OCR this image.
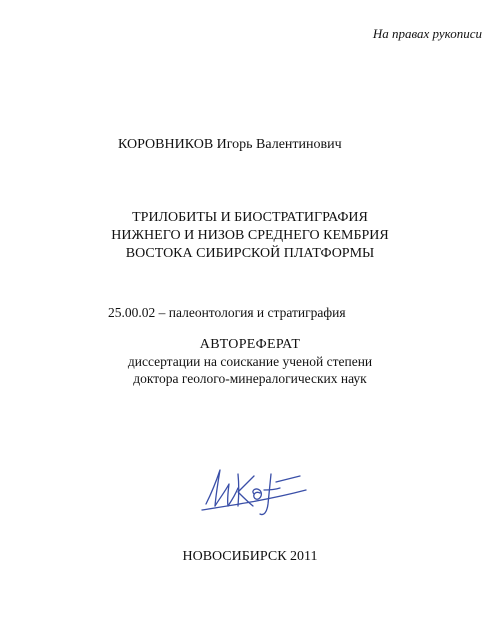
На правах рукописи
КОРОВНИКОВ Игорь Валентинович
ТРИЛОБИТЫ И БИОСТРАТИГРАФИЯ
НИЖНЕГО И НИЗОВ СРЕДНЕГО КЕМБРИЯ
ВОСТОКА СИБИРСКОЙ ПЛАТФОРМЫ
25.00.02 – палеонтология и стратиграфия
АВТОРЕФЕРАТ
диссертации на соискание ученой степени
доктора геолого-минералогических наук
НОВОСИБИРСК 2011
